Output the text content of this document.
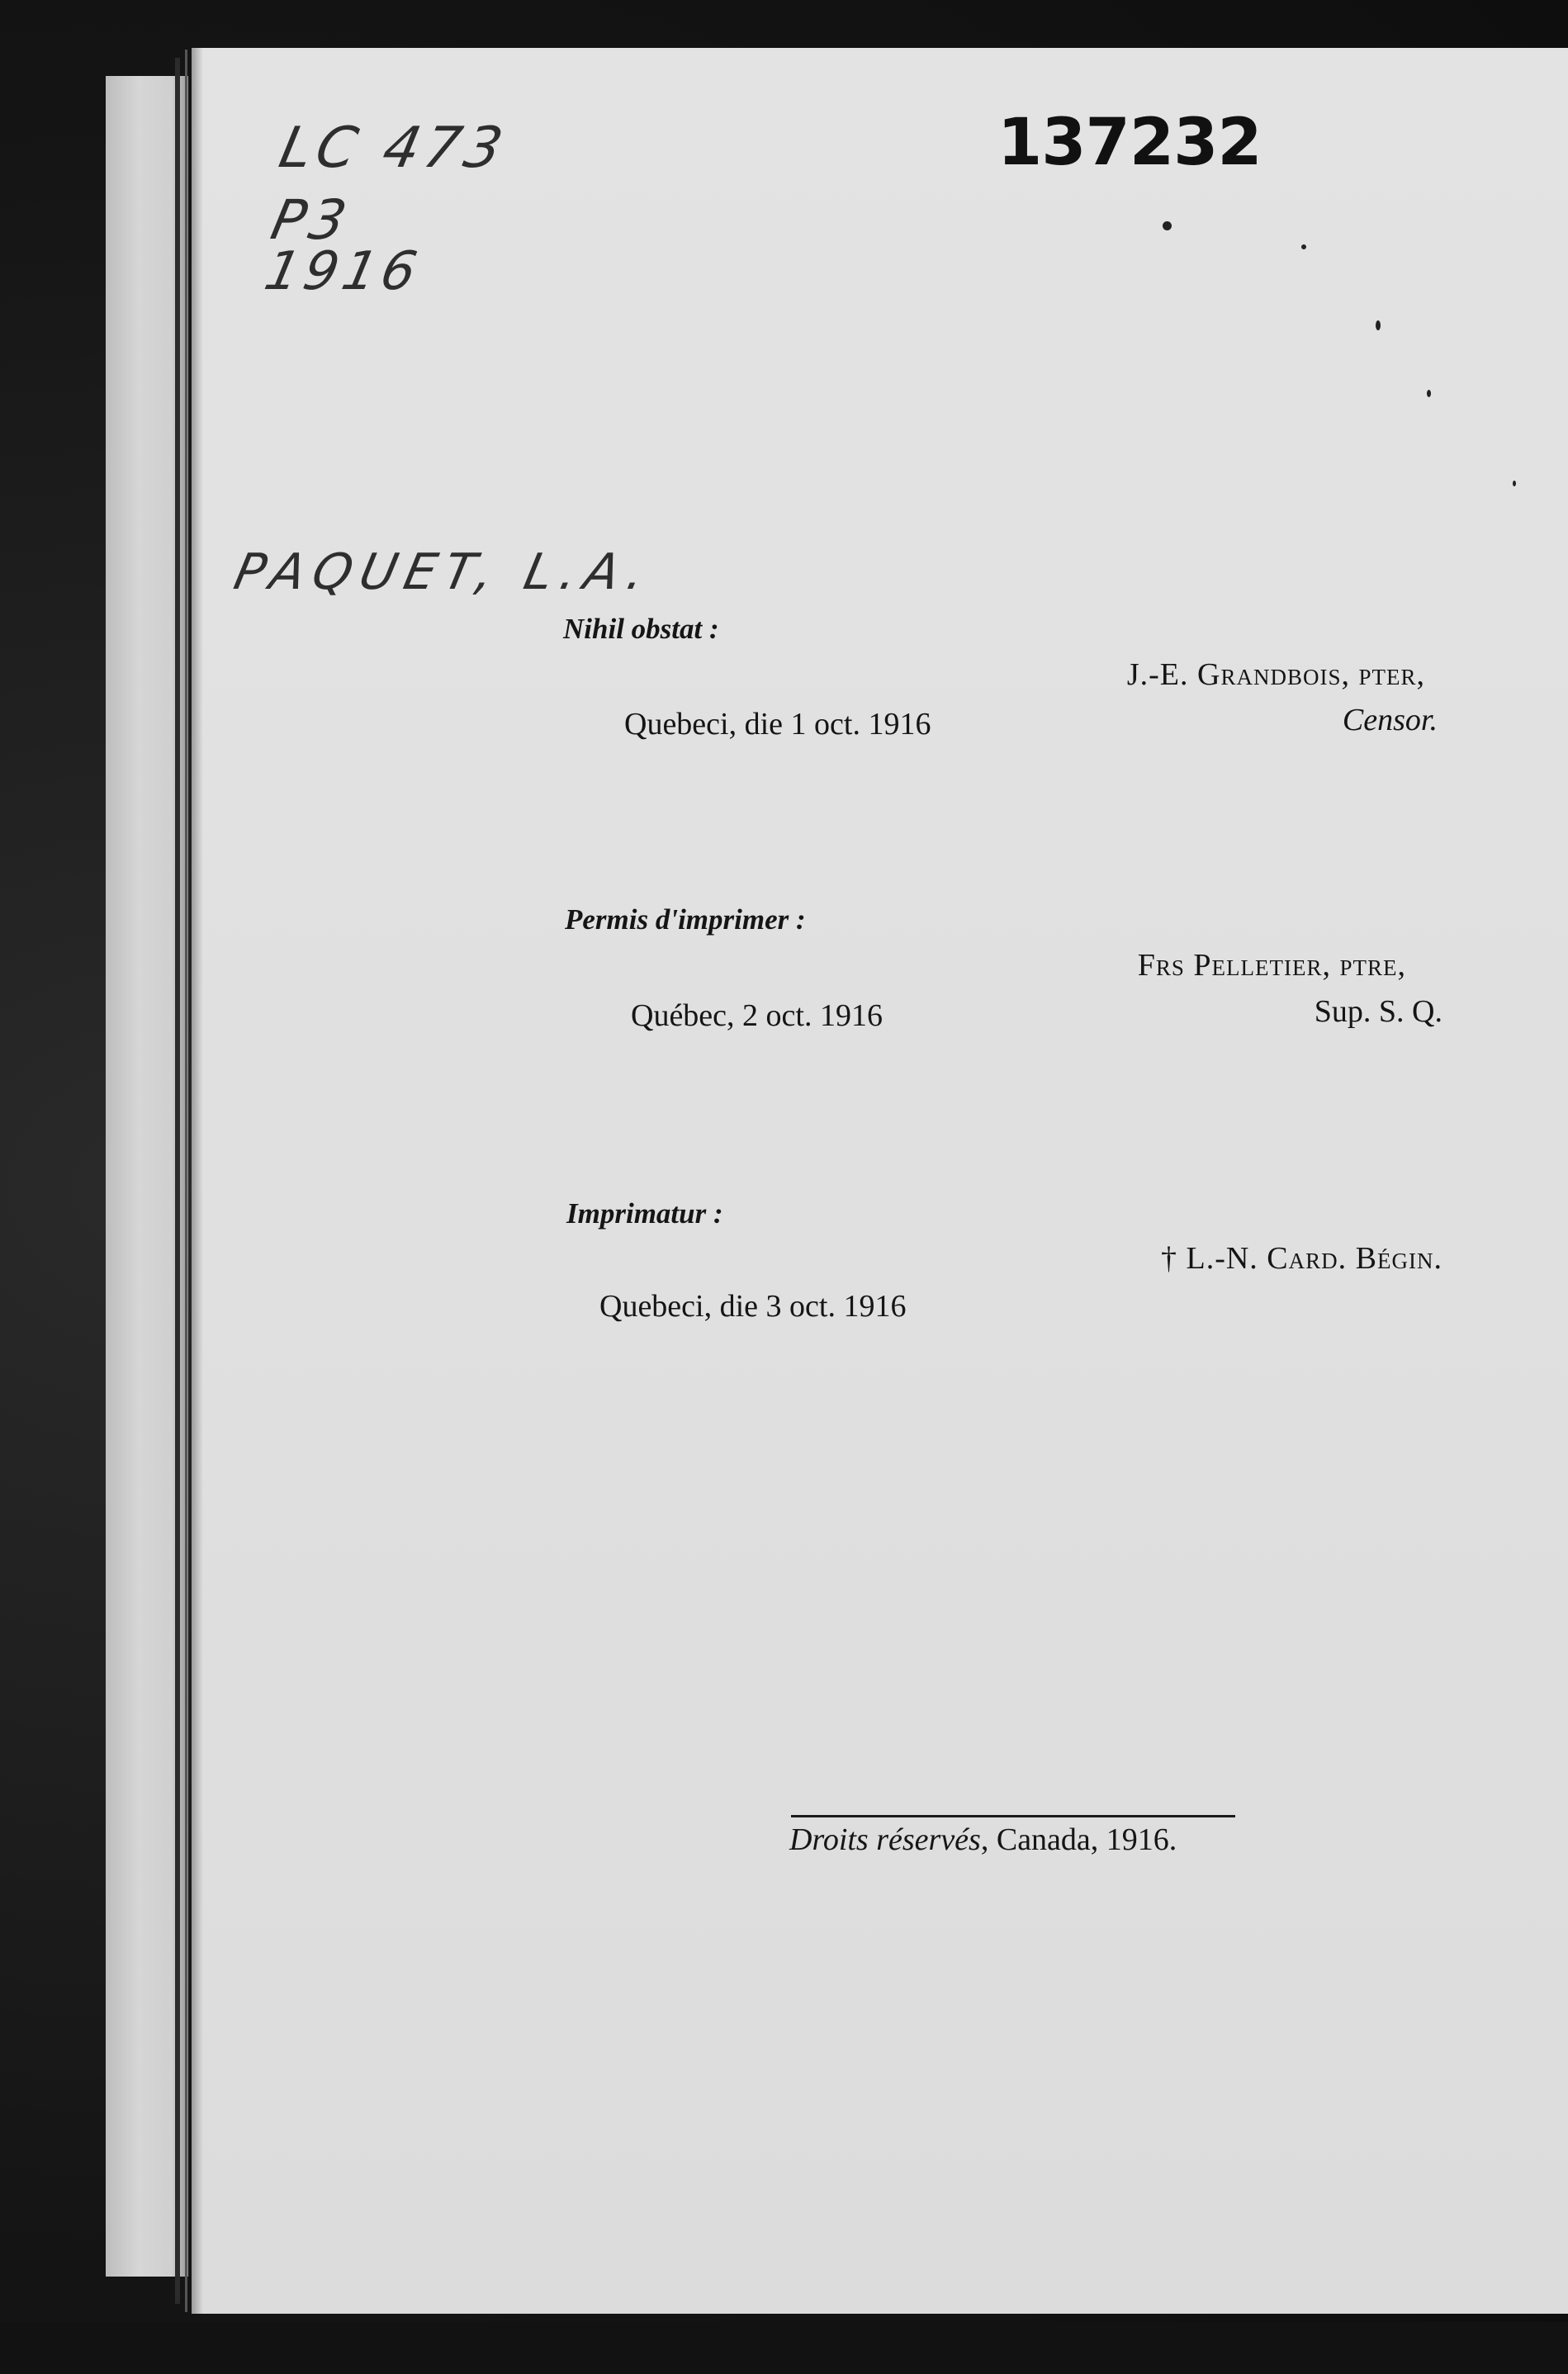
LC 473
P3
1916
137232
PAQUET, L.A.
Nihil obstat :
Quebeci, die 1 oct. 1916
J.-E. Grandbois, pter,
Censor.
Permis d'imprimer :
Québec, 2 oct. 1916
Frs Pelletier, ptre,
Sup. S. Q.
Imprimatur :
Quebeci, die 3 oct. 1916
† L.-N. Card. Bégin.
Droits réservés, Canada, 1916.
